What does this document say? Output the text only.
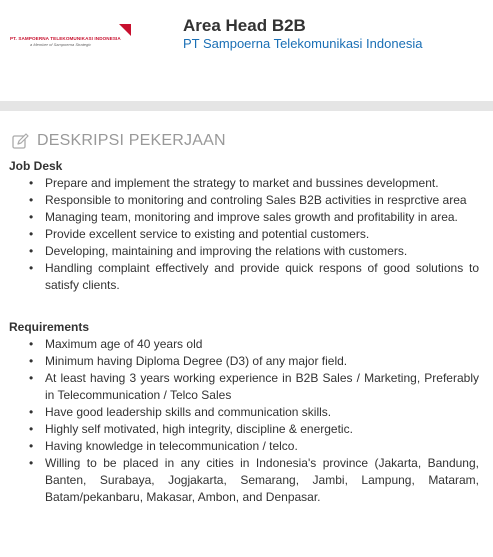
PT. SAMPOERNA TELEKOMUNIKASI INDONESIA
a Member of Sampoerna Strategic
Area Head B2B
PT Sampoerna Telekomunikasi Indonesia
DESKRIPSI PEKERJAAN
Job Desk
• Prepare and implement the strategy to market and bussines development.
• Responsible to monitoring and controling Sales B2B activities in resprctive area
• Managing team, monitoring and improve sales growth and profitability in area.
• Provide excellent service to existing and potential customers.
• Developing, maintaining and improving the relations with customers.
• Handling complaint effectively and provide quick respons of good solutions to satisfy clients.
Requirements
• Maximum age of 40 years old
• Minimum having Diploma Degree (D3) of any major field.
• At least having 3 years working experience in B2B Sales / Marketing, Preferably in Telecommunication / Telco Sales
• Have good leadership skills and communication skills.
• Highly self motivated, high integrity, discipline & energetic.
• Having knowledge in telecommunication / telco.
• Willing to be placed in any cities in Indonesia's province (Jakarta, Bandung, Banten, Surabaya, Jogjakarta, Semarang, Jambi, Lampung, Mataram, Batam/pekanbaru, Makasar, Ambon, and Denpasar.
